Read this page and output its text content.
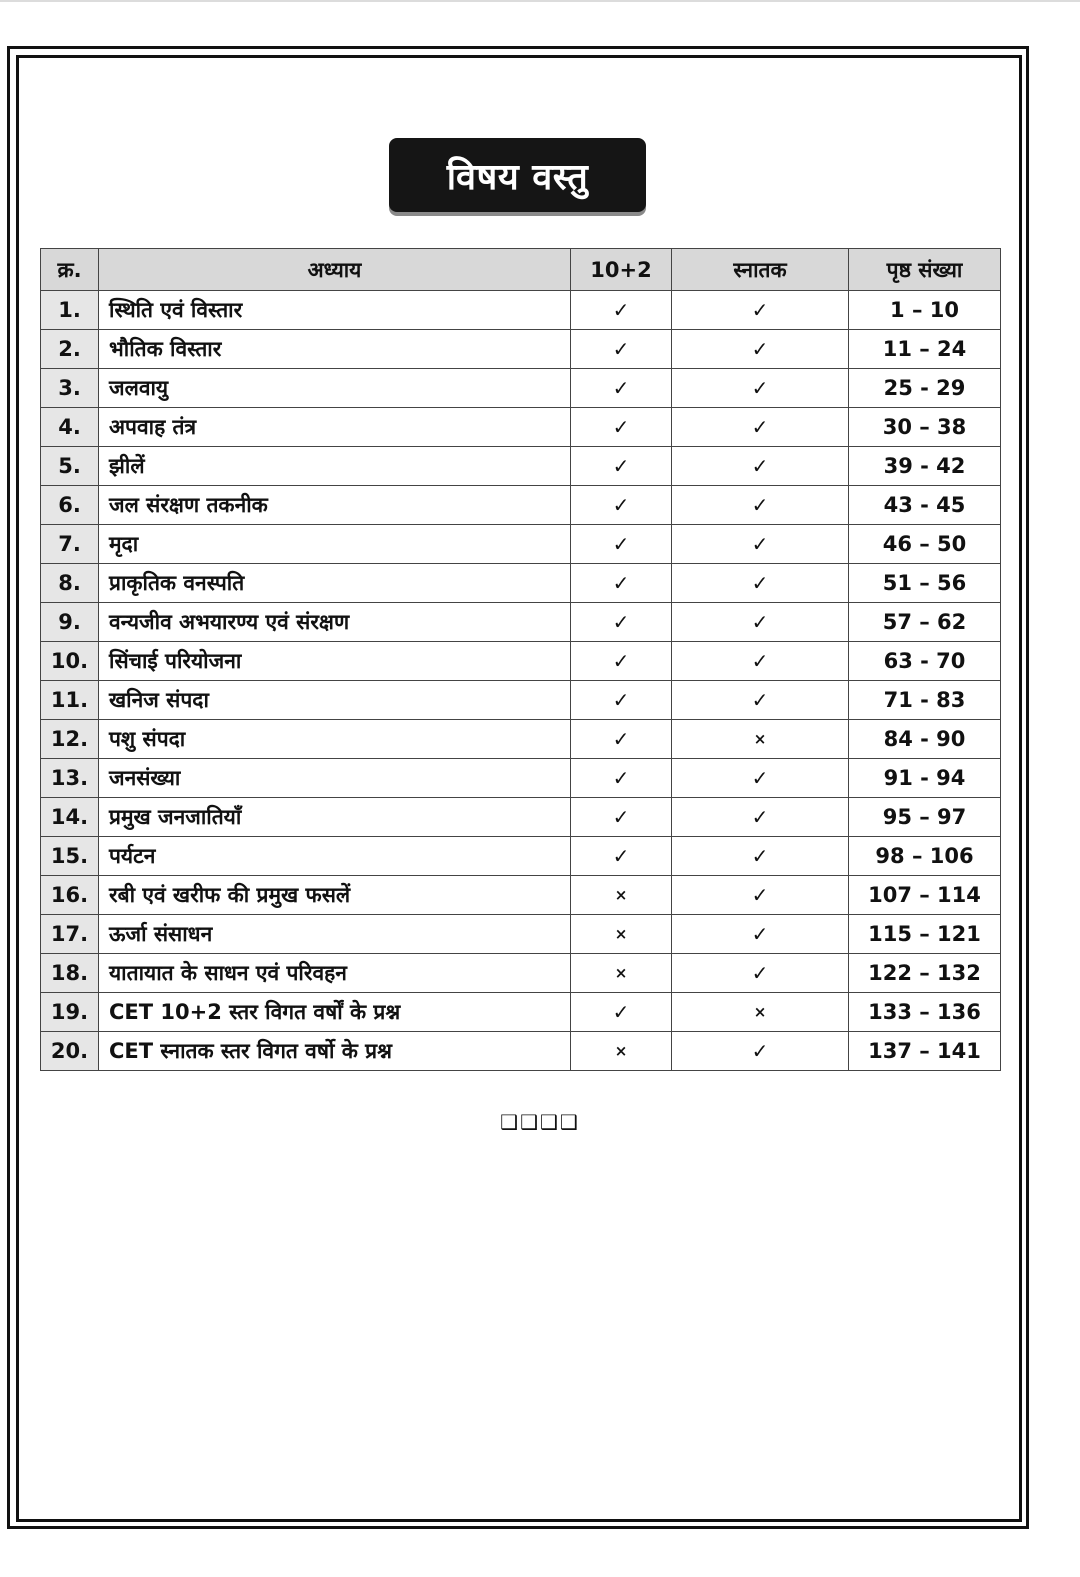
विषय वस्तु
क्र.	अध्याय	10+2	स्नातक	पृष्ठ संख्या
1.	स्थिति एवं विस्तार	✓	✓	1 – 10
2.	भौतिक विस्तार	✓	✓	11 – 24
3.	जलवायु	✓	✓	25 - 29
4.	अपवाह तंत्र	✓	✓	30 – 38
5.	झीलें	✓	✓	39 - 42
6.	जल संरक्षण तकनीक	✓	✓	43 - 45
7.	मृदा	✓	✓	46 – 50
8.	प्राकृतिक वनस्पति	✓	✓	51 – 56
9.	वन्यजीव अभयारण्य एवं संरक्षण	✓	✓	57 – 62
10.	सिंचाई परियोजना	✓	✓	63 - 70
11.	खनिज संपदा	✓	✓	71 - 83
12.	पशु संपदा	✓	×	84 - 90
13.	जनसंख्या	✓	✓	91 - 94
14.	प्रमुख जनजातियाँ	✓	✓	95 – 97
15.	पर्यटन	✓	✓	98 – 106
16.	रबी एवं खरीफ की प्रमुख फसलें	×	✓	107 – 114
17.	ऊर्जा संसाधन	×	✓	115 – 121
18.	यातायात के साधन एवं परिवहन	×	✓	122 – 132
19.	CET 10+2 स्तर विगत वर्षों के प्रश्न	✓	×	133 – 136
20.	CET स्नातक स्तर विगत वर्षो के प्रश्न	×	✓	137 – 141
❑❑❑❑
